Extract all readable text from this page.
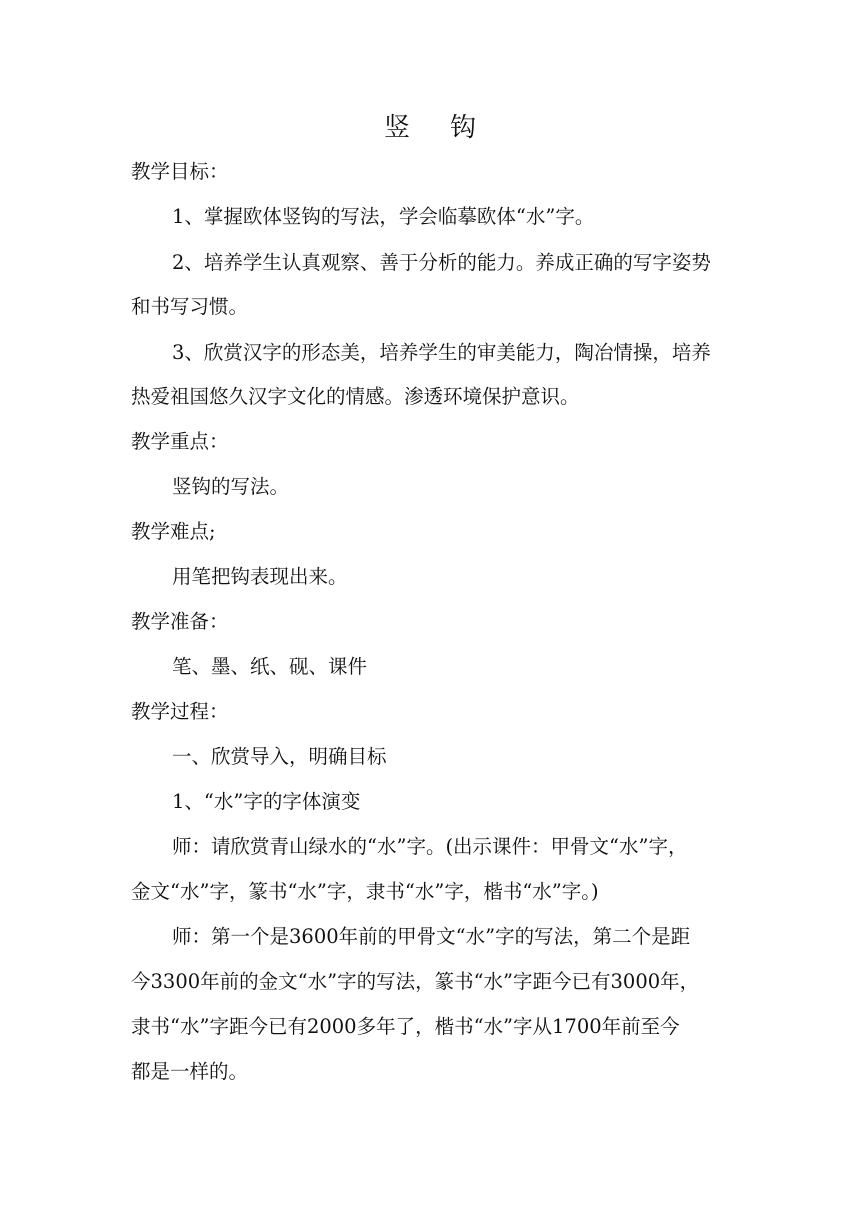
竖 钩
教学目标：
1、掌握欧体竖钩的写法，学会临摹欧体“水”字。
2、培养学生认真观察、善于分析的能力。养成正确的写字姿势
和书写习惯。
3、欣赏汉字的形态美，培养学生的审美能力，陶冶情操，培养
热爱祖国悠久汉字文化的情感。渗透环境保护意识。
教学重点：
竖钩的写法。
教学难点;
用笔把钩表现出来。
教学准备：
笔、墨、纸、砚、课件
教学过程：
一、欣赏导入，明确目标
1、“水”字的字体演变
师：请欣赏青山绿水的“水”字。(出示课件：甲骨文“水”字，
金文“水”字，篆书“水”字，隶书“水”字，楷书“水”字。)
师：第一个是3600年前的甲骨文“水”字的写法，第二个是距
今3300年前的金文“水”字的写法，篆书“水”字距今已有3000年，
隶书“水”字距今已有2000多年了，楷书“水”字从1700年前至今
都是一样的。
